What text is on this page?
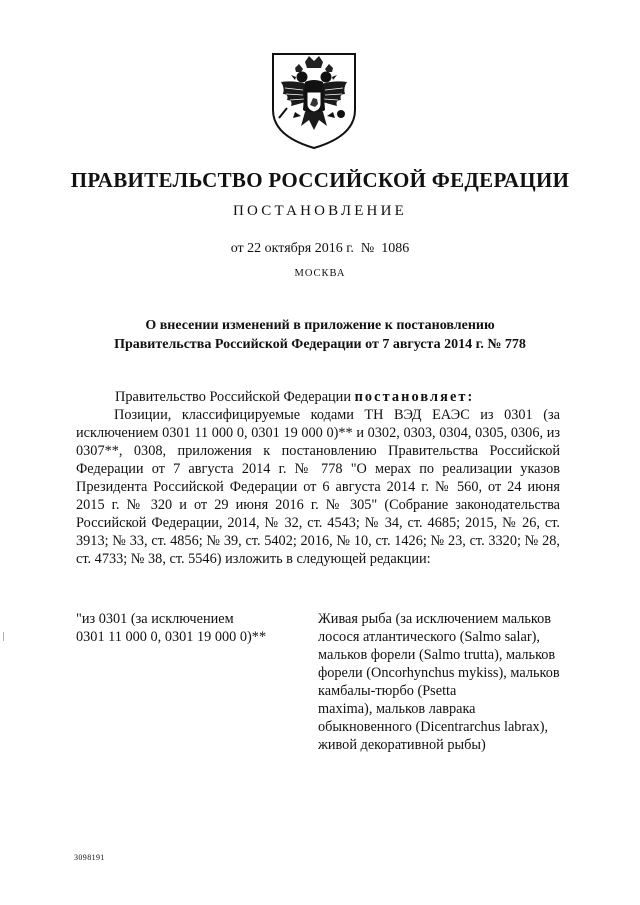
ПРАВИТЕЛЬСТВО РОССИЙСКОЙ ФЕДЕРАЦИИ
ПОСТАНОВЛЕНИЕ
от 22 октября 2016 г.  №  1086
МОСКВА
О внесении изменений в приложение к постановлению
Правительства Российской Федерации от 7 августа 2014 г. № 778
Правительство Российской Федерации постановляет:
Позиции, классифицируемые кодами ТН ВЭД ЕАЭС из 0301 (за исключением 0301 11 000 0, 0301 19 000 0)** и 0302, 0303, 0304, 0305, 0306, из 0307**, 0308, приложения к постановлению Правительства Российской Федерации от 7 августа 2014 г. № 778 "О мерах по реализации указов Президента Российской Федерации от 6 августа 2014 г. № 560, от 24 июня 2015 г. № 320 и от 29 июня 2016 г. № 305" (Собрание законодательства Российской Федерации, 2014, № 32, ст. 4543; № 34, ст. 4685; 2015, № 26, ст. 3913; № 33, ст. 4856; № 39, ст. 5402; 2016, № 10, ст. 1426; № 23, ст. 3320; № 28, ст. 4733; № 38, ст. 5546) изложить в следующей редакции:
"из 0301 (за исключением
0301 11 000 0, 0301 19 000 0)**
Живая рыба (за исключением мальков
лосося атлантического (Salmo salar),
мальков форели (Salmo trutta), мальков
форели (Oncorhynchus mykiss), мальков
камбалы-тюрбо (Psetta
maxima), мальков лаврака
обыкновенного (Dicentrarchus labrax),
живой декоративной рыбы)
3098191
